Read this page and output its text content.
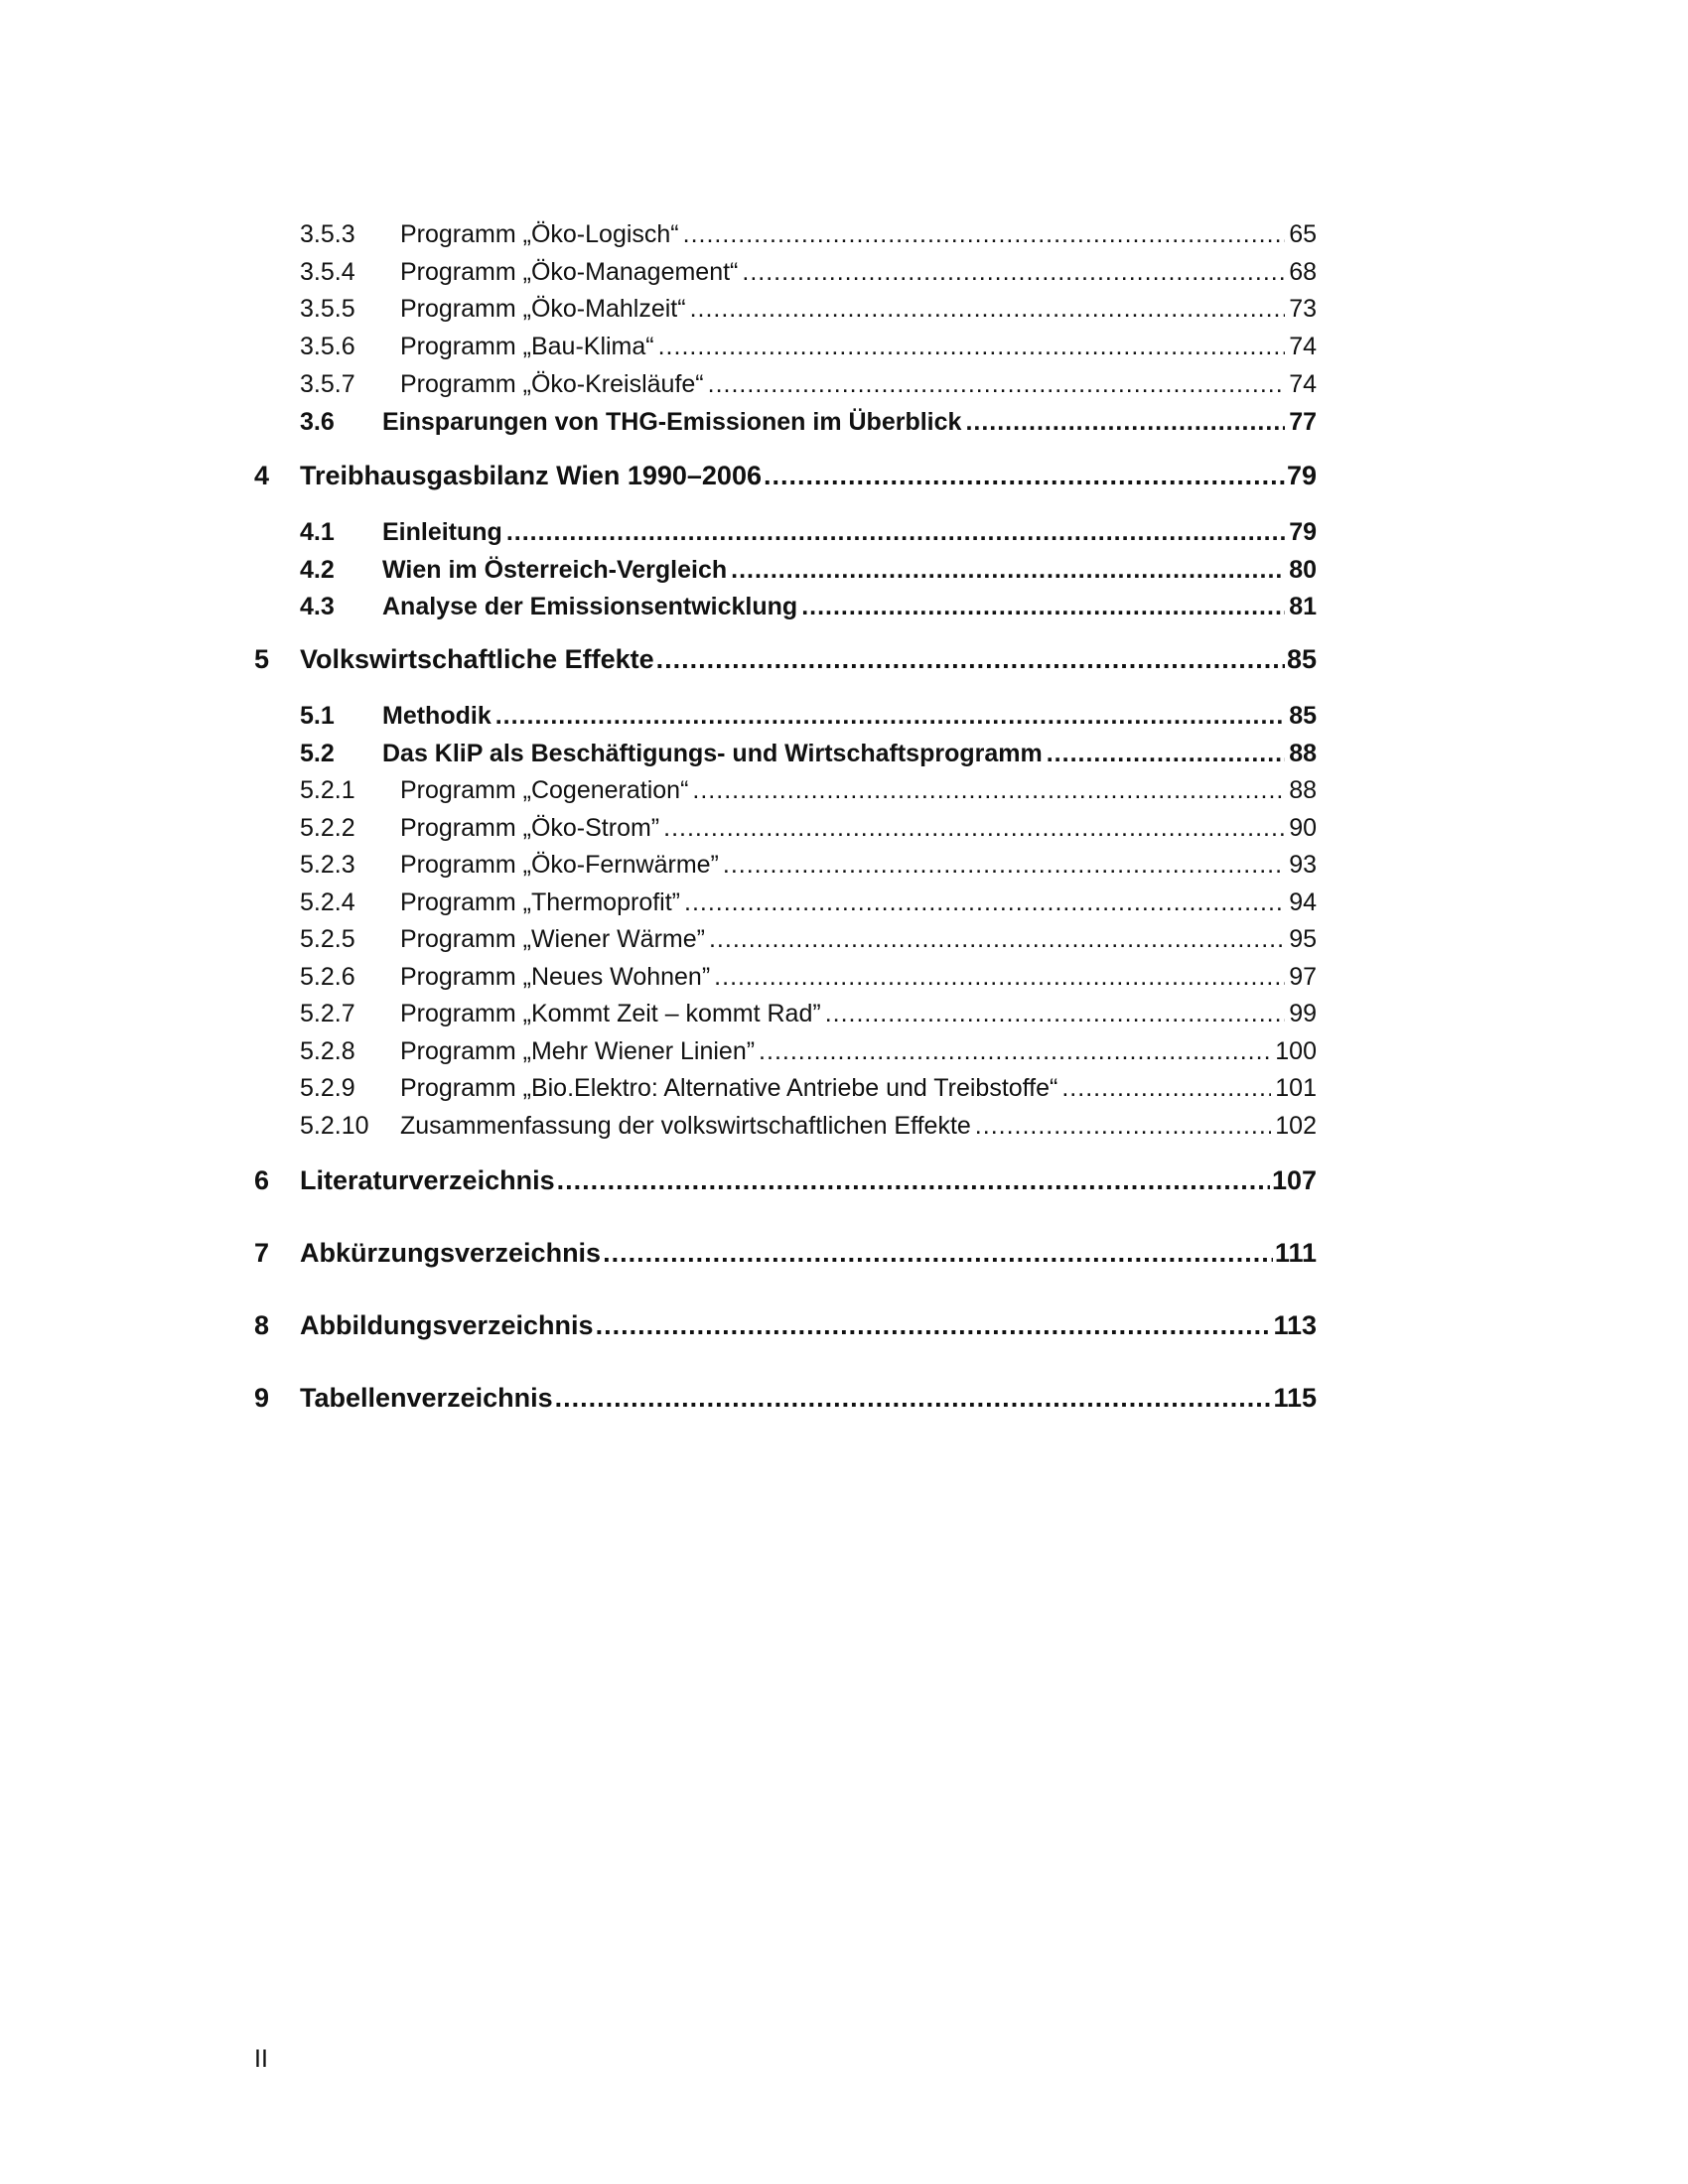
3.5.3 Programm „Öko-Logisch“ .....	65
3.5.4 Programm „Öko-Management“ .....	68
3.5.5 Programm „Öko-Mahlzeit“ .....	73
3.5.6 Programm „Bau-Klima“ .....	74
3.5.7 Programm „Öko-Kreisläufe“ .....	74
3.6 Einsparungen von THG-Emissionen im Überblick .....	77
4 Treibhausgasbilanz Wien 1990–2006 .....	79
4.1 Einleitung .....	79
4.2 Wien im Österreich-Vergleich .....	80
4.3 Analyse der Emissionsentwicklung .....	81
5 Volkswirtschaftliche Effekte .....	85
5.1 Methodik .....	85
5.2 Das KliP als Beschäftigungs- und Wirtschaftsprogramm .....	88
5.2.1 Programm „Cogeneration“ .....	88
5.2.2 Programm „Öko-Strom” .....	90
5.2.3 Programm „Öko-Fernwärme” .....	93
5.2.4 Programm „Thermoprofit” .....	94
5.2.5 Programm „Wiener Wärme” .....	95
5.2.6 Programm „Neues Wohnen” .....	97
5.2.7 Programm „Kommt Zeit – kommt Rad” .....	99
5.2.8 Programm „Mehr Wiener Linien” .....	100
5.2.9 Programm „Bio.Elektro: Alternative Antriebe und Treibstoffe“ .....	101
5.2.10 Zusammenfassung der volkswirtschaftlichen Effekte .....	102
6 Literaturverzeichnis .....	107
7 Abkürzungsverzeichnis .....	111
8 Abbildungsverzeichnis .....	113
9 Tabellenverzeichnis .....	115
II
